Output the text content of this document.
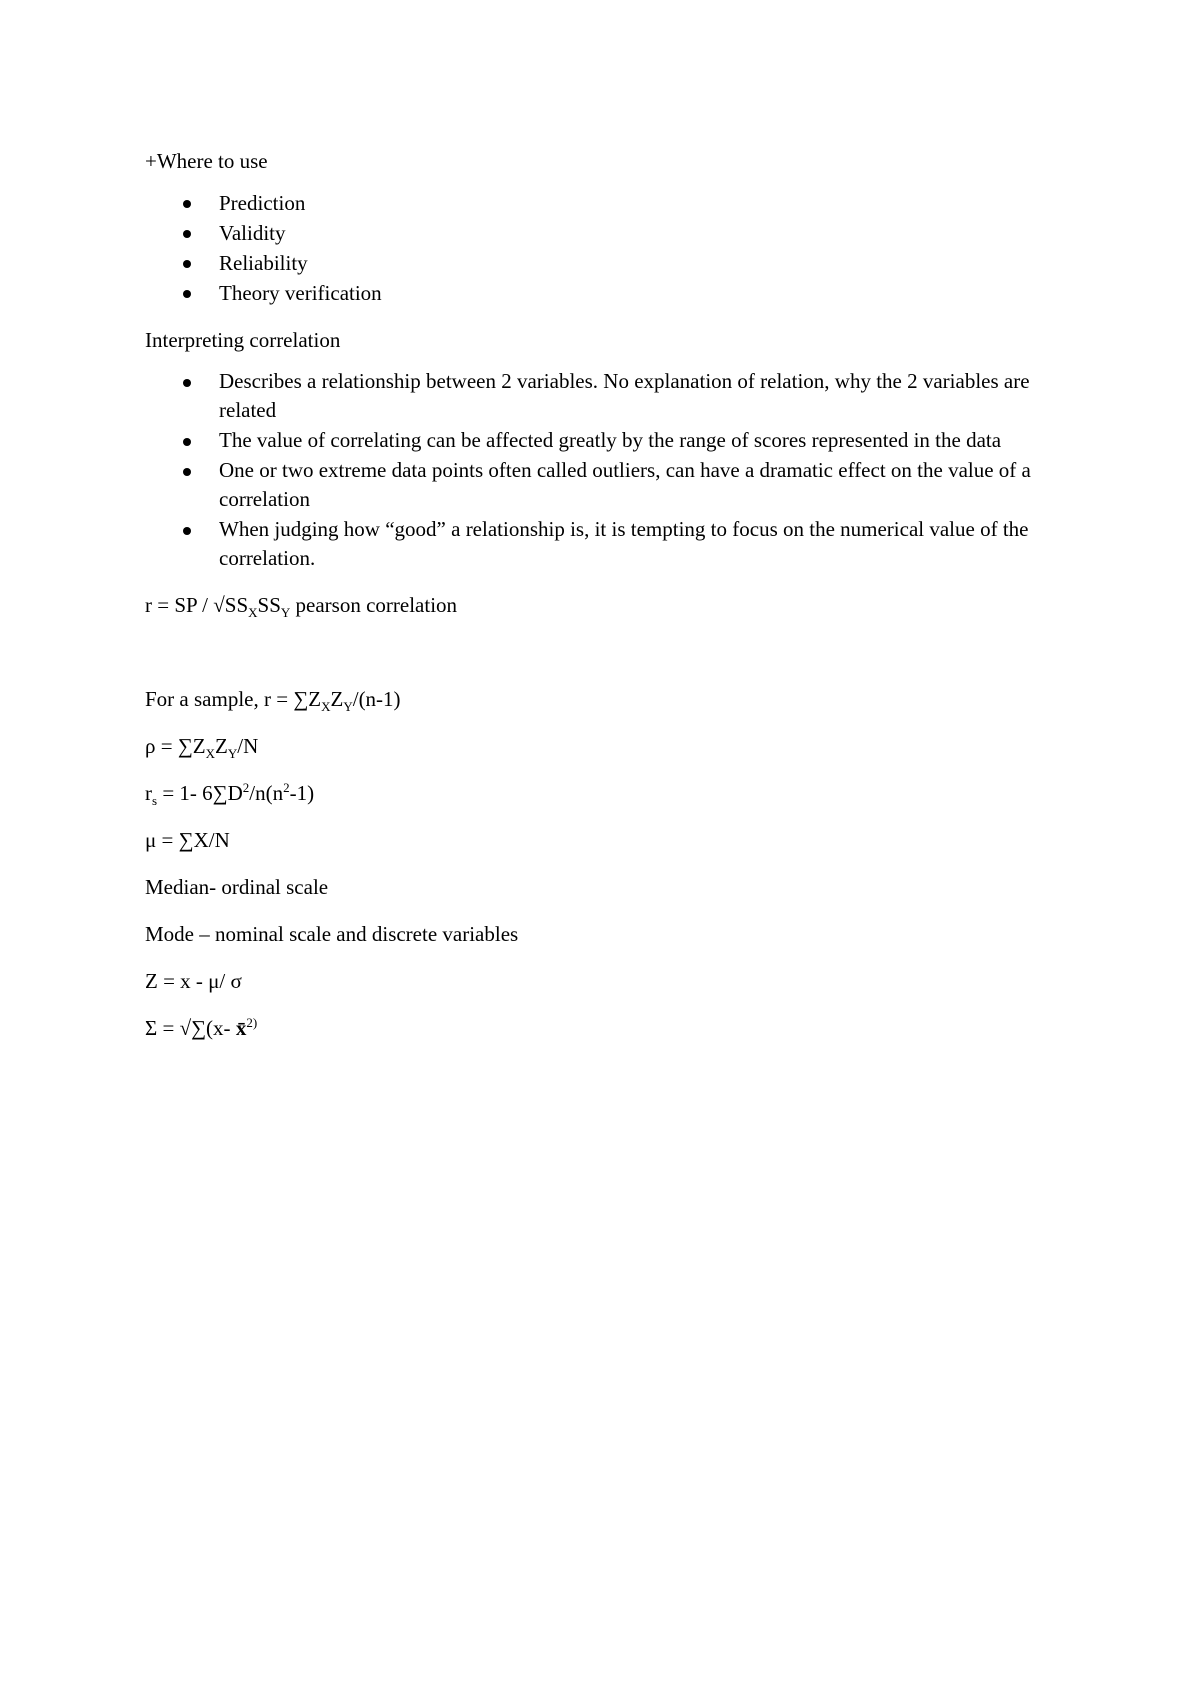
+Where to use

Prediction
Validity
Reliability
Theory verification

Interpreting correlation

Describes a relationship between 2 variables. No explanation of relation, why the 2 variables are related
The value of correlating can be affected greatly by the range of scores represented in the data
One or two extreme data points often called outliers, can have a dramatic effect on the value of a correlation
When judging how “good” a relationship is, it is tempting to focus on the numerical value of the correlation.

r = SP / $√SS_XSS_Y$ pearson correlation

For a sample, $r = \sum Z_XZ_Y/(n-1)$

$\rho = \sum Z_XZ_Y/N$

$r_s = 1-$ $6\sum D^2/n(n^2-1)$

μ = ∑X/N

Median- ordinal scale

Mode – nominal scale and discrete variables

Z = x - μ/ σ

Σ = √∑(x- x̄$^{2)}$
